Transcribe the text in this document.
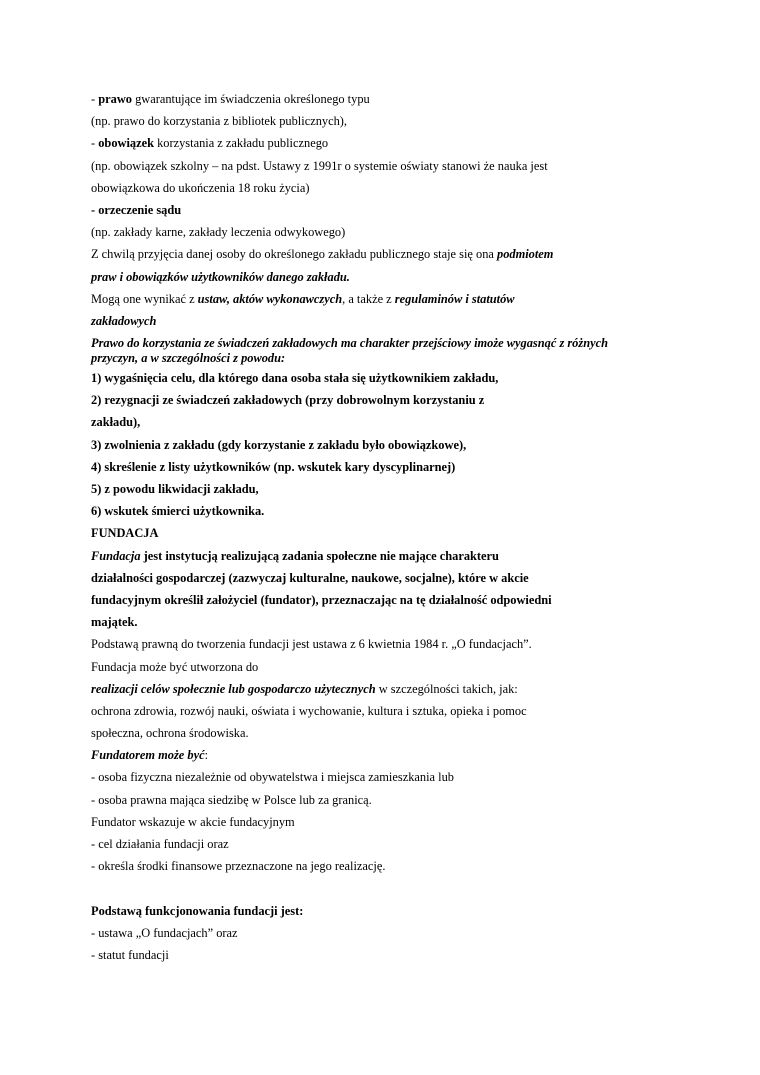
- prawo gwarantujące im świadczenia określonego typu
(np. prawo do korzystania z bibliotek publicznych),
- obowiązek korzystania z zakładu publicznego
(np. obowiązek szkolny – na pdst. Ustawy z 1991r o systemie oświaty stanowi że nauka jest
obowiązkowa do ukończenia 18 roku życia)
- orzeczenie sądu
(np. zakłady karne, zakłady leczenia odwykowego)
Z chwilą przyjęcia danej osoby do określonego zakładu publicznego staje się ona podmiotem
praw i obowiązków użytkowników danego zakładu.
Mogą one wynikać z ustaw, aktów wykonawczych, a także z regulaminów i statutów
zakładowych
Prawo do korzystania ze świadczeń zakładowych ma charakter przejściowy imoże wygasnąć z różnych
przyczyn, a w szczególności z powodu:
1) wygaśnięcia celu, dla którego dana osoba stała się użytkownikiem zakładu,
2) rezygnacji ze świadczeń zakładowych (przy dobrowolnym korzystaniu z
zakładu),
3) zwolnienia z zakładu (gdy korzystanie z zakładu było obowiązkowe),
4) skreślenie z listy użytkowników (np. wskutek kary dyscyplinarnej)
5) z powodu likwidacji zakładu,
6) wskutek śmierci użytkownika.
FUNDACJA
Fundacja jest instytucją realizującą zadania społeczne nie mające charakteru
działalności gospodarczej (zazwyczaj kulturalne, naukowe, socjalne), które w akcie
fundacyjnym określił założyciel (fundator), przeznaczając na tę działalność odpowiedni
majątek.
Podstawą prawną do tworzenia fundacji jest ustawa z 6 kwietnia 1984 r. „O fundacjach”.
Fundacja może być utworzona do
realizacji celów społecznie lub gospodarczo użytecznych w szczególności takich, jak:
ochrona zdrowia, rozwój nauki, oświata i wychowanie, kultura i sztuka, opieka i pomoc
społeczna, ochrona środowiska.
Fundatorem może być:
- osoba fizyczna niezależnie od obywatelstwa i miejsca zamieszkania lub
- osoba prawna mająca siedzibę w Polsce lub za granicą.
Fundator wskazuje w akcie fundacyjnym
- cel działania fundacji oraz
- określa środki finansowe przeznaczone na jego realizację.
Podstawą funkcjonowania fundacji jest:
- ustawa „O fundacjach” oraz
- statut fundacji
